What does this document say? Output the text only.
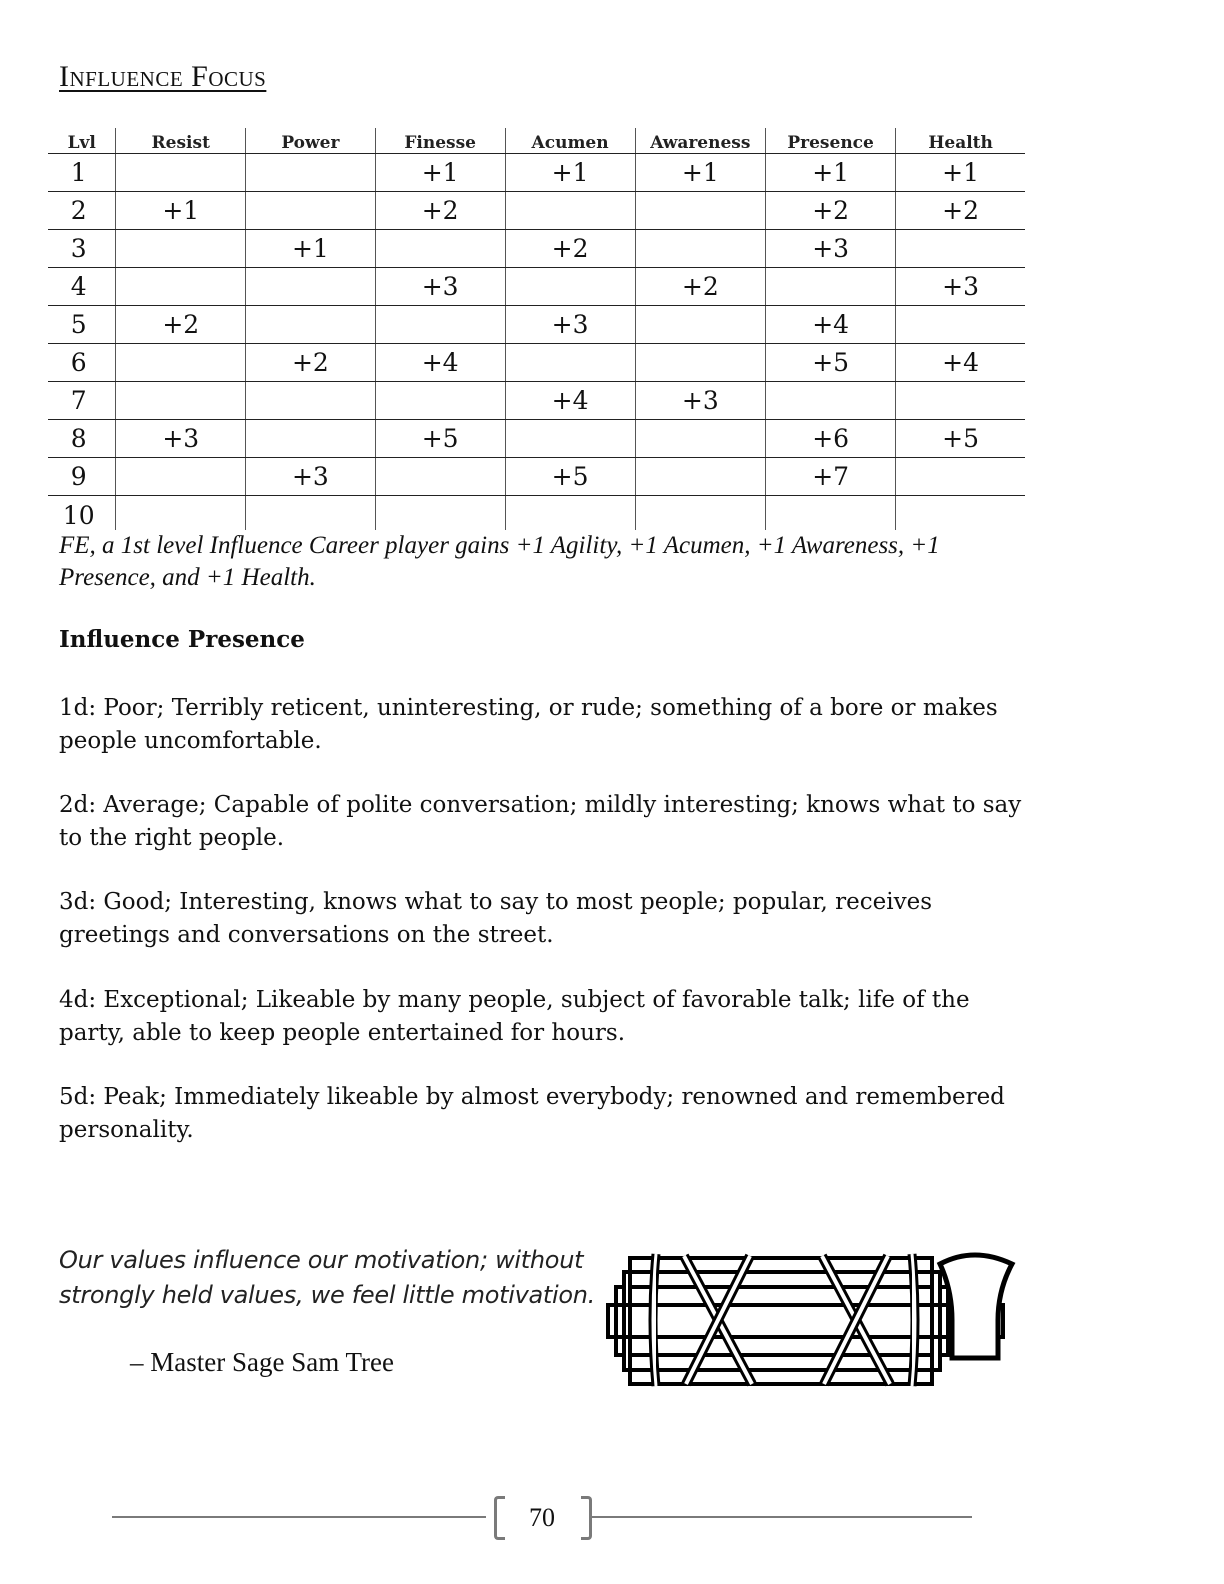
Influence Focus
Lvl	Resist	Power	Finesse	Acumen	Awareness	Presence	Health
1			+1	+1	+1	+1	+1
2	+1		+2			+2	+2
3		+1		+2		+3	
4			+3		+2		+3
5	+2			+3		+4	
6		+2	+4			+5	+4
7				+4	+3		
8	+3		+5			+6	+5
9		+3		+5		+7	
10							

FE, a 1st level Influence Career player gains +1 Agility, +1 Acumen, +1 Awareness, +1 Presence, and +1 Health.

Influence Presence

1d: Poor; Terribly reticent, uninteresting, or rude; something of a bore or makes people uncomfortable.

2d: Average; Capable of polite conversation; mildly interesting; knows what to say to the right people.

3d: Good; Interesting, knows what to say to most people; popular, receives greetings and conversations on the street.

4d: Exceptional; Likeable by many people, subject of favorable talk; life of the party, able to keep people entertained for hours.

5d: Peak; Immediately likeable by almost everybody; renowned and remembered personality.

Our values influence our motivation; without strongly held values, we feel little motivation.

– Master Sage Sam Tree

70
